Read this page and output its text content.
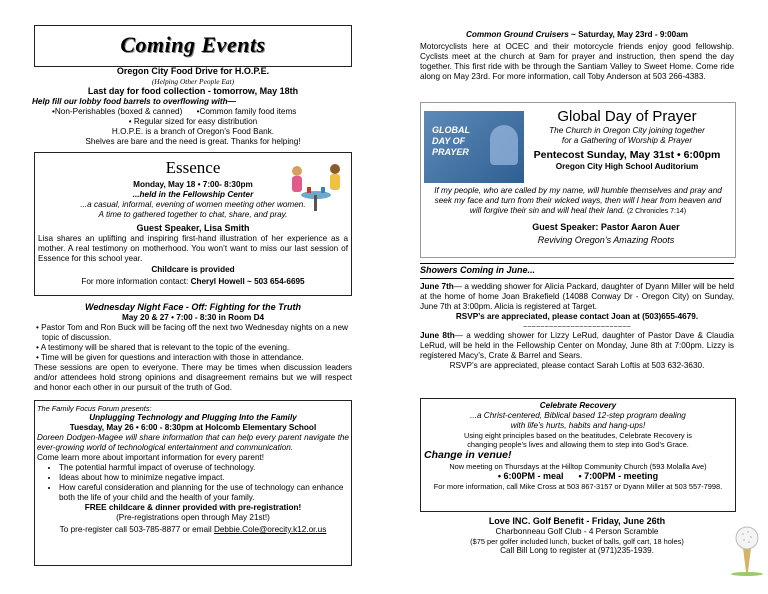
Coming Events
Oregon City Food Drive for H.O.P.E.
(Helping Other People Eat)
Last day for food collection - tomorrow, May 18th
Help fill our lobby food barrels to overflowing with—
•Non-Perishables (boxed & canned) •Common family food items
• Regular sized for easy distribution
H.O.P.E. is a branch of Oregon’s Food Bank.
Shelves are bare and the need is great. Thanks for helping!
Essence
Monday, May 18 • 7:00- 8:30pm
...held in the Fellowship Center
...a casual, informal, evening of women meeting other women.
A time to gathered together to chat, share, and pray.
Guest Speaker, Lisa Smith
Lisa shares an uplifting and inspiring first-hand illustration of her experience as a mother. A real testimony on motherhood. You won’t want to miss our last session of Essence for this school year.
Childcare is provided
For more information contact: Cheryl Howell ~ 503 654-6695
Wednesday Night Face - Off: Fighting for the Truth
May 20 & 27 • 7:00 - 8:30 in Room D4
• Pastor Tom and Ron Buck will be facing off the next two Wednesday nights on a new topic of discussion.
• A testimony will be shared that is relevant to the topic of the evening.
• Time will be given for questions and interaction with those in attendance.
These sessions are open to everyone. There may be times when discussion leaders and/or attendees hold strong opinions and disagreement remains but we will respect and honor each other in our pursuit of the truth of God.
The Family Focus Forum presents:
Unplugging Technology and Plugging Into the Family
Tuesday, May 26 • 6:00 - 8:30pm at Holcomb Elementary School
Doreen Dodgen-Magee will share information that can help every parent navigate the ever-growing world of technological entertainment and communication.
Come learn more about important information for every parent!
• The potential harmful impact of overuse of technology.
• Ideas about how to minimize negative impact.
• How careful consideration and planning for the use of technology can enhance both the life of your child and the health of your family.
FREE childcare & dinner provided with pre-registration!
(Pre-registrations open through May 21st!)
To pre-register call 503-785-8877 or email Debbie.Cole@orecity.k12.or.us
Common Ground Cruisers ~ Saturday, May 23rd - 9:00am
Motorcyclists here at OCEC and their motorcycle friends enjoy good fellowship. Cyclists meet at the church at 9am for prayer and instruction, then spend the day together. This first ride with be through the Santiam Valley to Sweet Home. Come ride along on May 23rd. For more information, call Toby Anderson at 503 266-4383.
GLOBAL DAY OF PRAYER
Global Day of Prayer
The Church in Oregon City joining together
for a Gathering of Worship & Prayer
Pentecost Sunday, May 31st • 6:00pm
Oregon City High School Auditorium
If my people, who are called by my name, will humble themselves and pray and seek my face and turn from their wicked ways, then will I hear from heaven and will forgive their sin and will heal their land. (2 Chronicles 7:14)
Guest Speaker: Pastor Aaron Auer
Reviving Oregon’s Amazing Roots
Showers Coming in June...
June 7th— a wedding shower for Alicia Packard, daughter of Dyann Miller will be held at the home of home Joan Brakefield (14088 Conway Dr - Oregon City) on Sunday, June 7th at 3:00pm. Alicia is registered at Target.
RSVP’s are appreciated, please contact Joan at (503)655-4679.
~~~~~~~~~~~~~~~~~~~~~~~~~
June 8th— a wedding shower for Lizzy LeRud, daughter of Pastor Dave & Claudia LeRud, will be held in the Fellowship Center on Monday, June 8th at 7:00pm. Lizzy is registered Macy’s, Crate & Barrel and Sears.
RSVP’s are appreciated, please contact Sarah Loftis at 503 632-3630.
Celebrate Recovery
...a Christ-centered, Biblical based 12-step program dealing
with life’s hurts, habits and hang-ups!
Using eight principles based on the beatitudes, Celebrate Recovery is
changing people’s lives and allowing them to step into God’s Grace.
Change in venue!
Now meeting on Thursdays at the Hilltop Community Church (593 Molalla Ave)
• 6:00PM - meal      • 7:00PM - meeting
For more information, call Mike Cross at 503 867-3157 or Dyann Miller at 503 557-7998.
Love INC. Golf Benefit - Friday, June 26th
Charbonneau Golf Club - 4 Person Scramble
($75 per golfer included lunch, bucket of balls, golf cart, 18 holes)
Call Bill Long to register at (971)235-1939.
